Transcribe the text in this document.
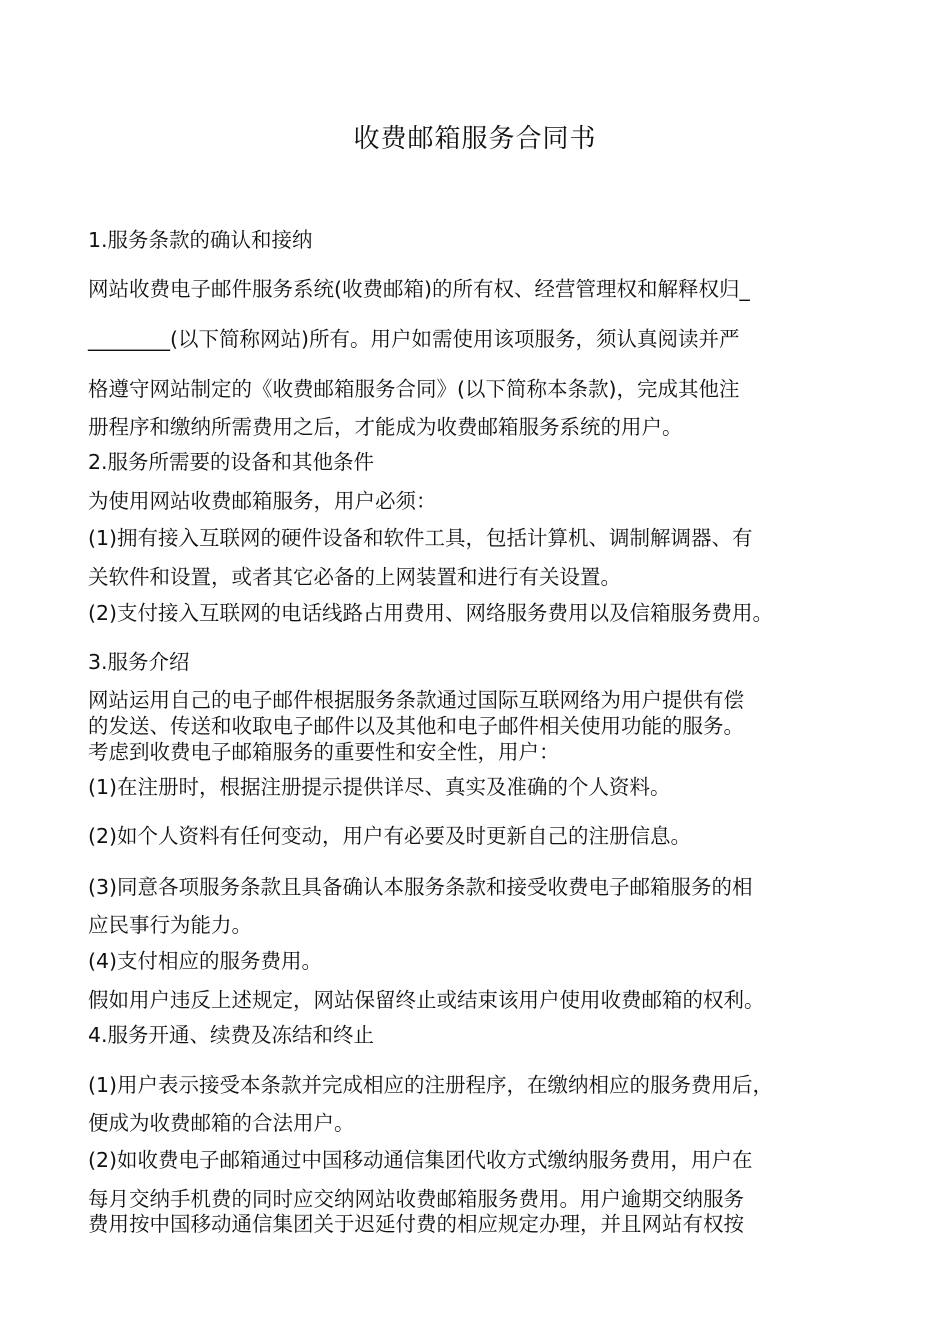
收费邮箱服务合同书
1.服务条款的确认和接纳
网站收费电子邮件服务系统(收费邮箱)的所有权、经营管理权和解释权归_
________(以下简称网站)所有。用户如需使用该项服务，须认真阅读并严
格遵守网站制定的《收费邮箱服务合同》(以下简称本条款)，完成其他注
册程序和缴纳所需费用之后，才能成为收费邮箱服务系统的用户。
2.服务所需要的设备和其他条件
为使用网站收费邮箱服务，用户必须：
(1)拥有接入互联网的硬件设备和软件工具，包括计算机、调制解调器、有
关软件和设置，或者其它必备的上网装置和进行有关设置。
(2)支付接入互联网的电话线路占用费用、网络服务费用以及信箱服务费用。
3.服务介绍
网站运用自己的电子邮件根据服务条款通过国际互联网络为用户提供有偿
的发送、传送和收取电子邮件以及其他和电子邮件相关使用功能的服务。
考虑到收费电子邮箱服务的重要性和安全性，用户：
(1)在注册时，根据注册提示提供详尽、真实及准确的个人资料。
(2)如个人资料有任何变动，用户有必要及时更新自己的注册信息。
(3)同意各项服务条款且具备确认本服务条款和接受收费电子邮箱服务的相
应民事行为能力。
(4)支付相应的服务费用。
假如用户违反上述规定，网站保留终止或结束该用户使用收费邮箱的权利。
4.服务开通、续费及冻结和终止
(1)用户表示接受本条款并完成相应的注册程序，在缴纳相应的服务费用后，
便成为收费邮箱的合法用户。
(2)如收费电子邮箱通过中国移动通信集团代收方式缴纳服务费用，用户在
每月交纳手机费的同时应交纳网站收费邮箱服务费用。用户逾期交纳服务
费用按中国移动通信集团关于迟延付费的相应规定办理，并且网站有权按
